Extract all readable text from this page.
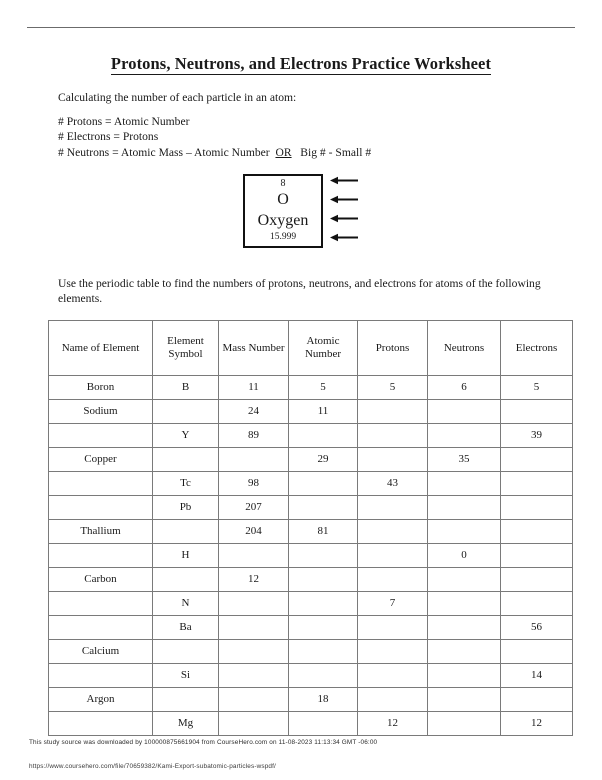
Protons, Neutrons, and Electrons Practice Worksheet
Calculating the number of each particle in an atom:
# Protons = Atomic Number
# Electrons = Protons
# Neutrons = Atomic Mass – Atomic Number OR Big # - Small #
8
O
Oxygen
15.999
Use the periodic table to find the numbers of protons, neutrons, and electrons for atoms of the following elements.
Name of Element	Element Symbol	Mass Number	Atomic Number	Protons	Neutrons	Electrons
Boron	B	11	5	5	6	5
Sodium		24	11			
	Y	89				39
Copper			29		35	
	Tc	98		43		
	Pb	207				
Thallium		204	81			
	H				0	
Carbon		12				
	N			7		
	Ba					56
Calcium						
	Si					14
Argon			18			
	Mg			12		12
This study source was downloaded by 100000875661904 from CourseHero.com on 11-08-2023 11:13:34 GMT -06:00
https://www.coursehero.com/file/70659382/Kami-Export-subatomic-particles-wspdf/
